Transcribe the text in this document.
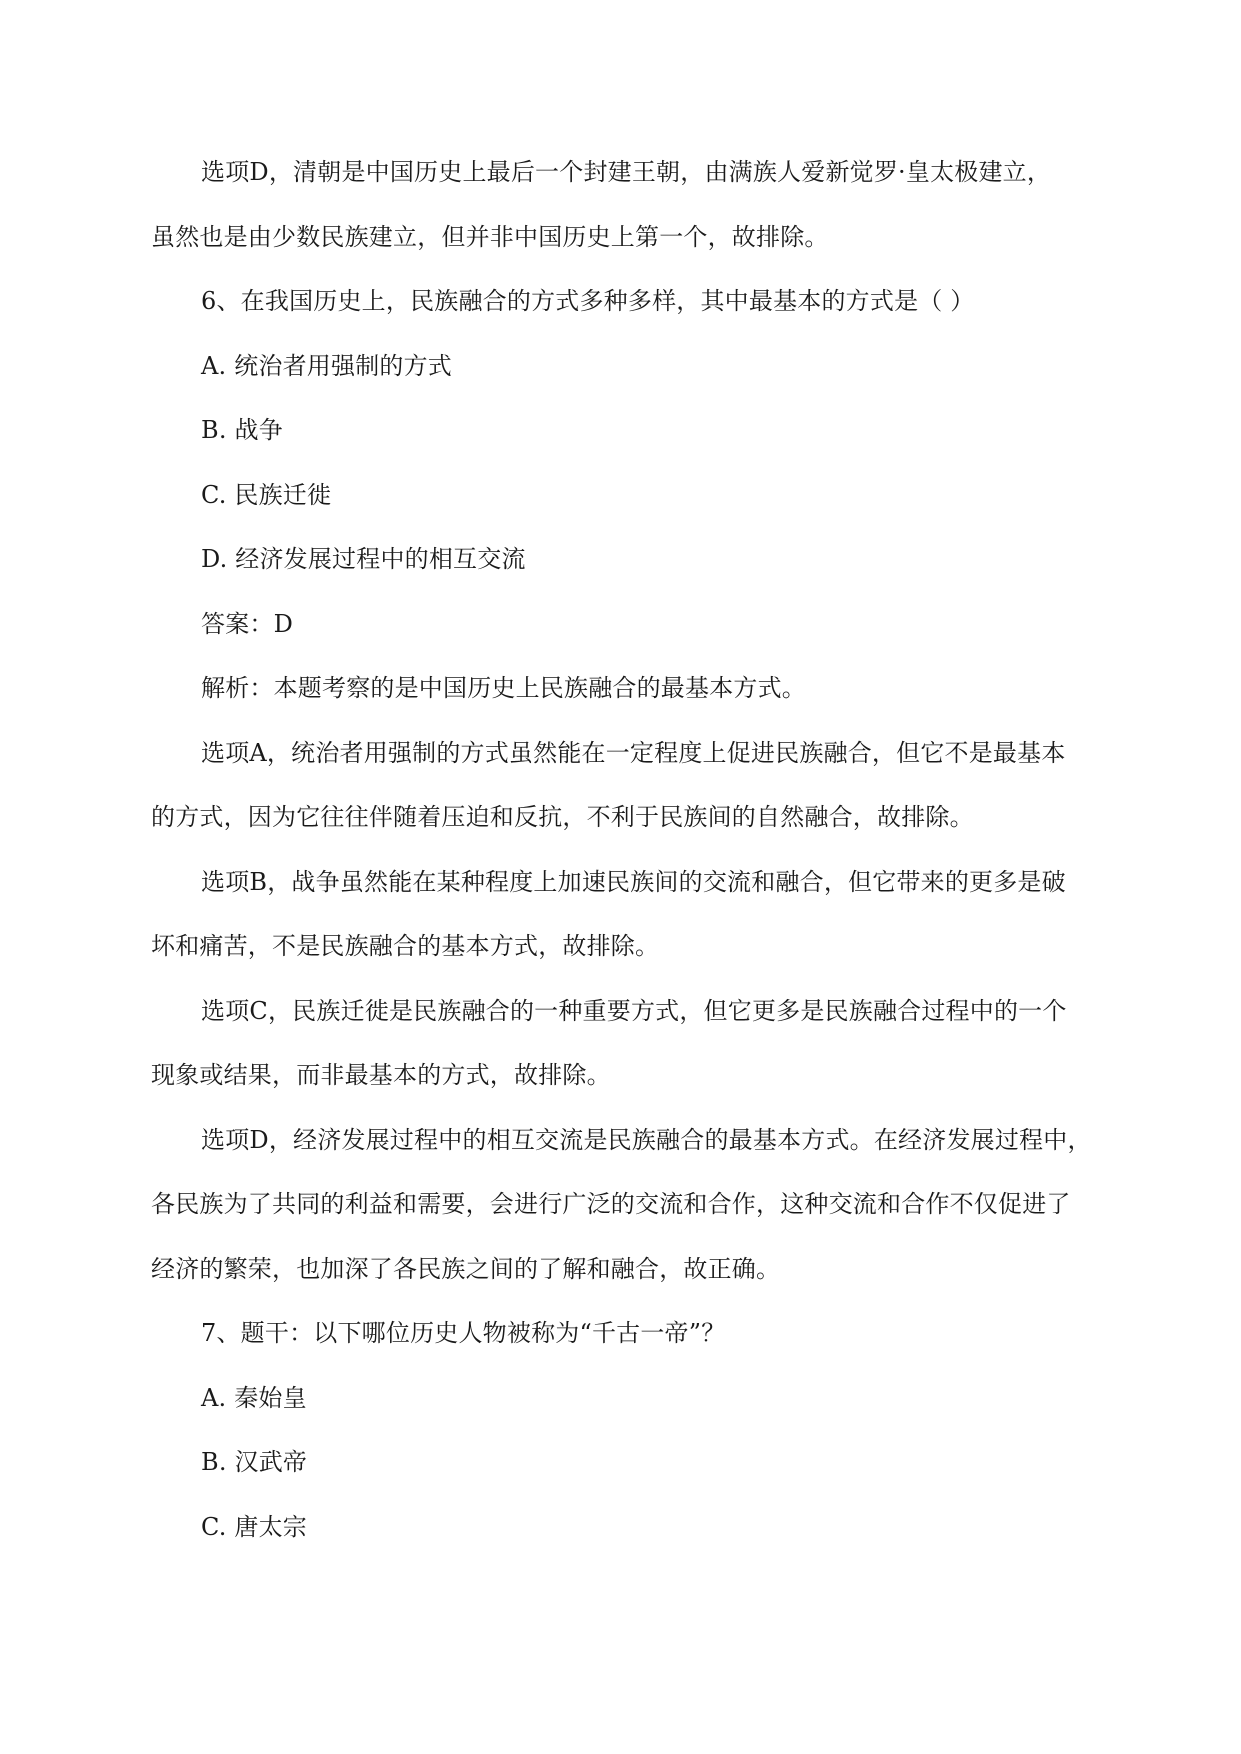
选项D，清朝是中国历史上最后一个封建王朝，由满族人爱新觉罗·皇太极建立，

虽然也是由少数民族建立，但并非中国历史上第一个，故排除。

6、在我国历史上，民族融合的方式多种多样，其中最基本的方式是（ ）

A. 统治者用强制的方式

B. 战争

C. 民族迁徙

D. 经济发展过程中的相互交流

答案：D

解析：本题考察的是中国历史上民族融合的最基本方式。

选项A，统治者用强制的方式虽然能在一定程度上促进民族融合，但它不是最基本

的方式，因为它往往伴随着压迫和反抗，不利于民族间的自然融合，故排除。

选项B，战争虽然能在某种程度上加速民族间的交流和融合，但它带来的更多是破

坏和痛苦，不是民族融合的基本方式，故排除。

选项C，民族迁徙是民族融合的一种重要方式，但它更多是民族融合过程中的一个

现象或结果，而非最基本的方式，故排除。

选项D，经济发展过程中的相互交流是民族融合的最基本方式。在经济发展过程中，

各民族为了共同的利益和需要，会进行广泛的交流和合作，这种交流和合作不仅促进了

经济的繁荣，也加深了各民族之间的了解和融合，故正确。

7、题干：以下哪位历史人物被称为“千古一帝”？

A. 秦始皇

B. 汉武帝

C. 唐太宗
